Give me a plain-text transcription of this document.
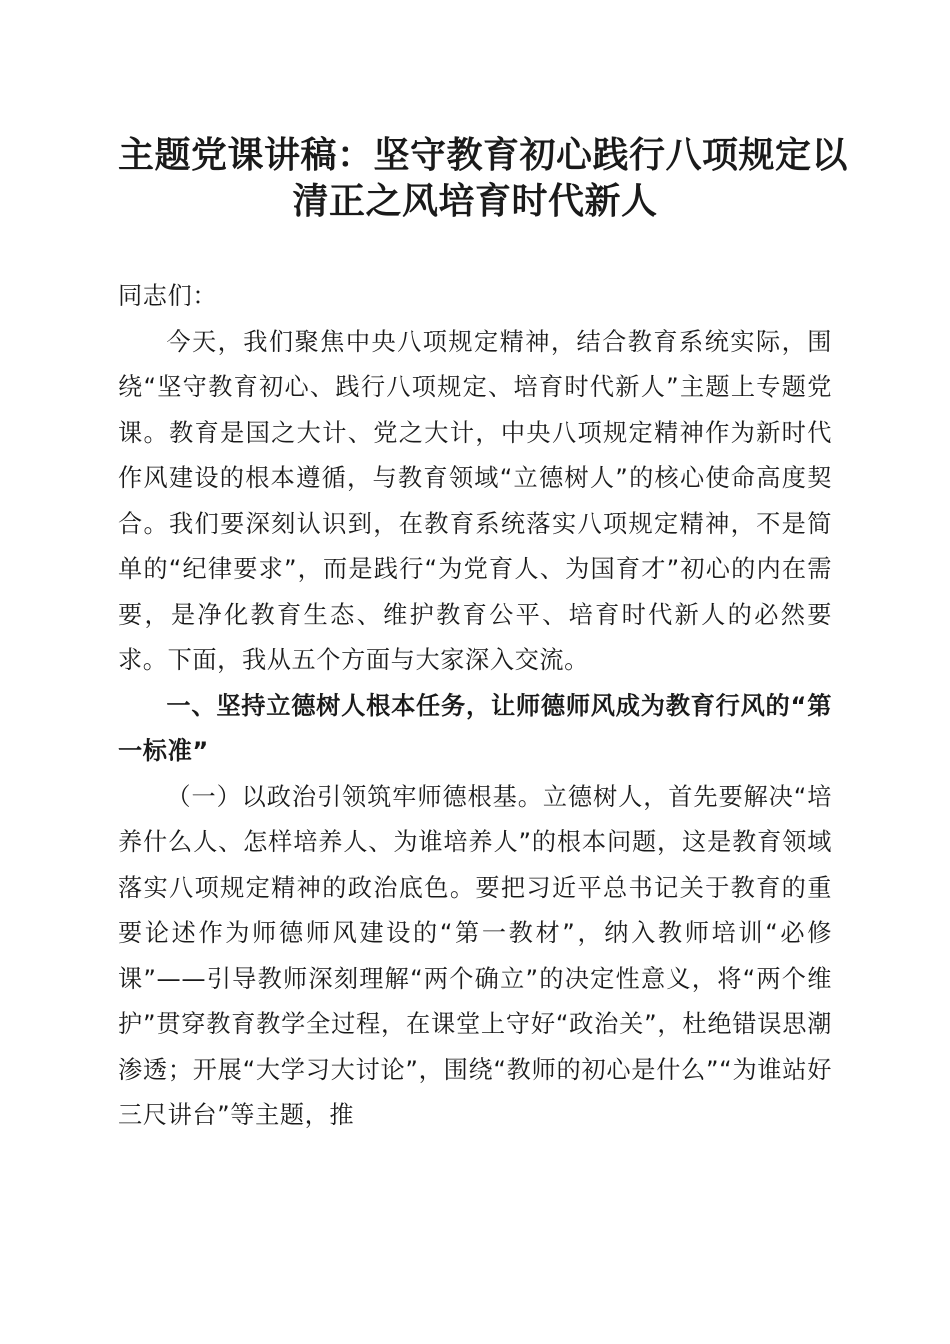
主题党课讲稿：坚守教育初心践行八项规定以
清正之风培育时代新人

同志们：

今天，我们聚焦中央八项规定精神，结合教育系统实际，围绕“坚守教育初心、践行八项规定、培育时代新人”主题上专题党课。教育是国之大计、党之大计，中央八项规定精神作为新时代作风建设的根本遵循，与教育领域“立德树人”的核心使命高度契合。我们要深刻认识到，在教育系统落实八项规定精神，不是简单的“纪律要求”，而是践行“为党育人、为国育才”初心的内在需要，是净化教育生态、维护教育公平、培育时代新人的必然要求。下面，我从五个方面与大家深入交流。

一、坚持立德树人根本任务，让师德师风成为教育行风的“第一标准”

（一）以政治引领筑牢师德根基。立德树人，首先要解决“培养什么人、怎样培养人、为谁培养人”的根本问题，这是教育领域落实八项规定精神的政治底色。要把习近平总书记关于教育的重要论述作为师德师风建设的“第一教材”，纳入教师培训“必修课”——引导教师深刻理解“两个确立”的决定性意义，将“两个维护”贯穿教育教学全过程，在课堂上守好“政治关”，杜绝错误思潮渗透；开展“大学习大讨论”，围绕“教师的初心是什么”“为谁站好三尺讲台”等主题，推
